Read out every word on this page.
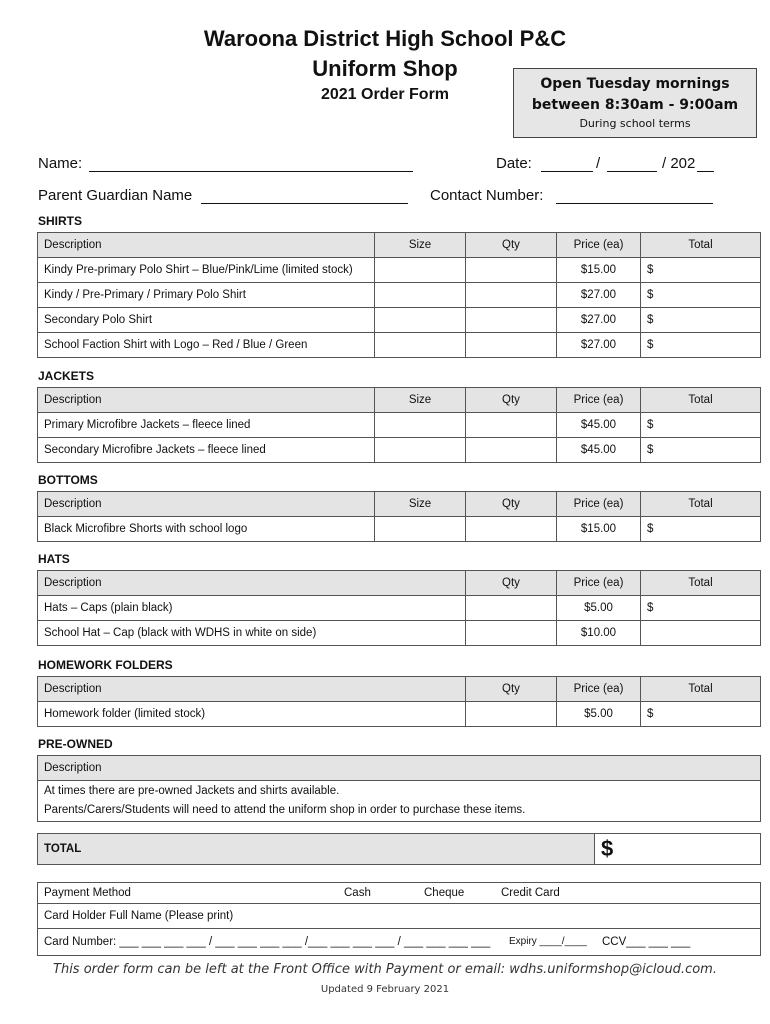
Waroona District High School P&C
Uniform Shop
2021 Order Form
Open Tuesday mornings
between 8:30am - 9:00am
During school terms
Name:	Date:	/	/ 202
Parent Guardian Name	Contact Number:
SHIRTS
Description	Size	Qty	Price (ea)	Total
Kindy Pre-primary Polo Shirt – Blue/Pink/Lime (limited stock)			$15.00	$
Kindy / Pre-Primary / Primary Polo Shirt			$27.00	$
Secondary Polo Shirt			$27.00	$
School Faction Shirt with Logo – Red / Blue / Green			$27.00	$
JACKETS
Description	Size	Qty	Price (ea)	Total
Primary Microfibre Jackets – fleece lined			$45.00	$
Secondary Microfibre Jackets – fleece lined			$45.00	$
BOTTOMS
Description	Size	Qty	Price (ea)	Total
Black Microfibre Shorts with school logo			$15.00	$
HATS
Description	Qty	Price (ea)	Total
Hats – Caps (plain black)		$5.00	$
School Hat – Cap (black with WDHS in white on side)		$10.00	
HOMEWORK FOLDERS
Description	Qty	Price (ea)	Total
Homework folder (limited stock)		$5.00	$
PRE-OWNED
Description

At times there are pre-owned Jackets and shirts available.
Parents/Carers/Students will need to attend the uniform shop in order to purchase these items.
TOTAL	$
Payment Method	Cash	Cheque	Credit Card

Card Holder Full Name (Please print)
Card Number: ___ ___ ___ ___ / ___ ___ ___ ___ /___ ___ ___ ___ / ___ ___ ___ ___ Expiry ____/____ CCV___ ___ ___
This order form can be left at the Front Office with Payment or email: wdhs.uniformshop@icloud.com.
Updated 9 February 2021
